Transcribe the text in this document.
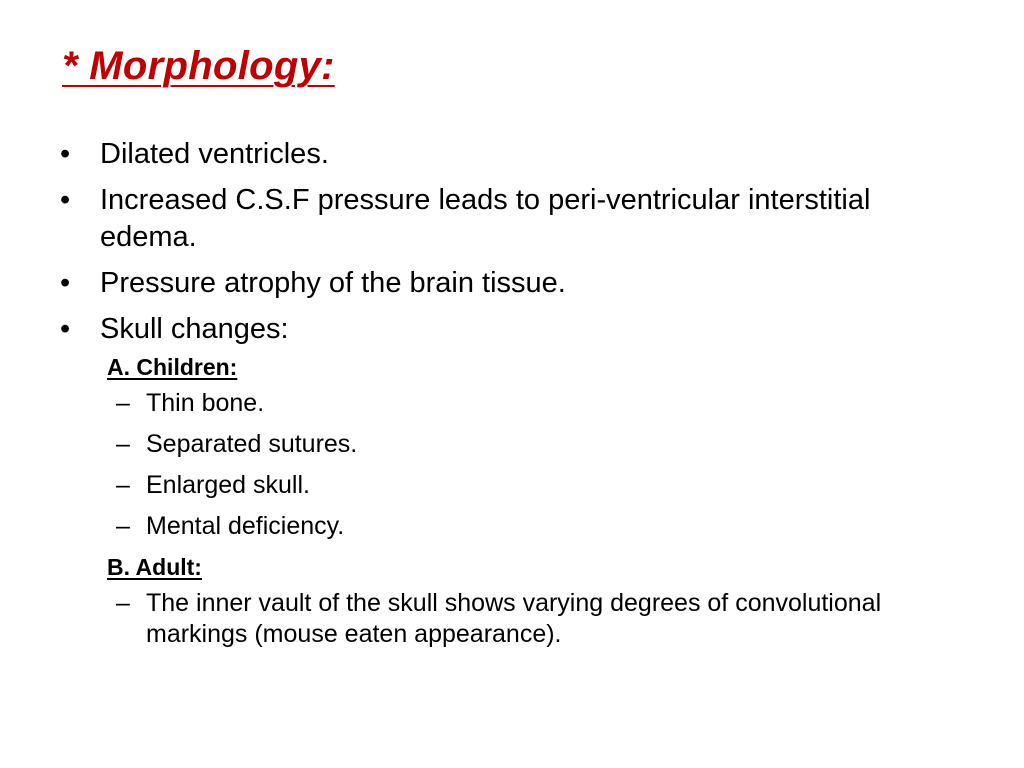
* Morphology:
• Dilated ventricles.
• Increased C.S.F pressure leads to peri-ventricular interstitial edema.
• Pressure atrophy of the brain tissue.
• Skull changes:
A. Children:
– Thin bone.
– Separated sutures.
– Enlarged skull.
– Mental deficiency.
B. Adult:
– The inner vault of the skull shows varying degrees of convolutional markings (mouse eaten appearance).
